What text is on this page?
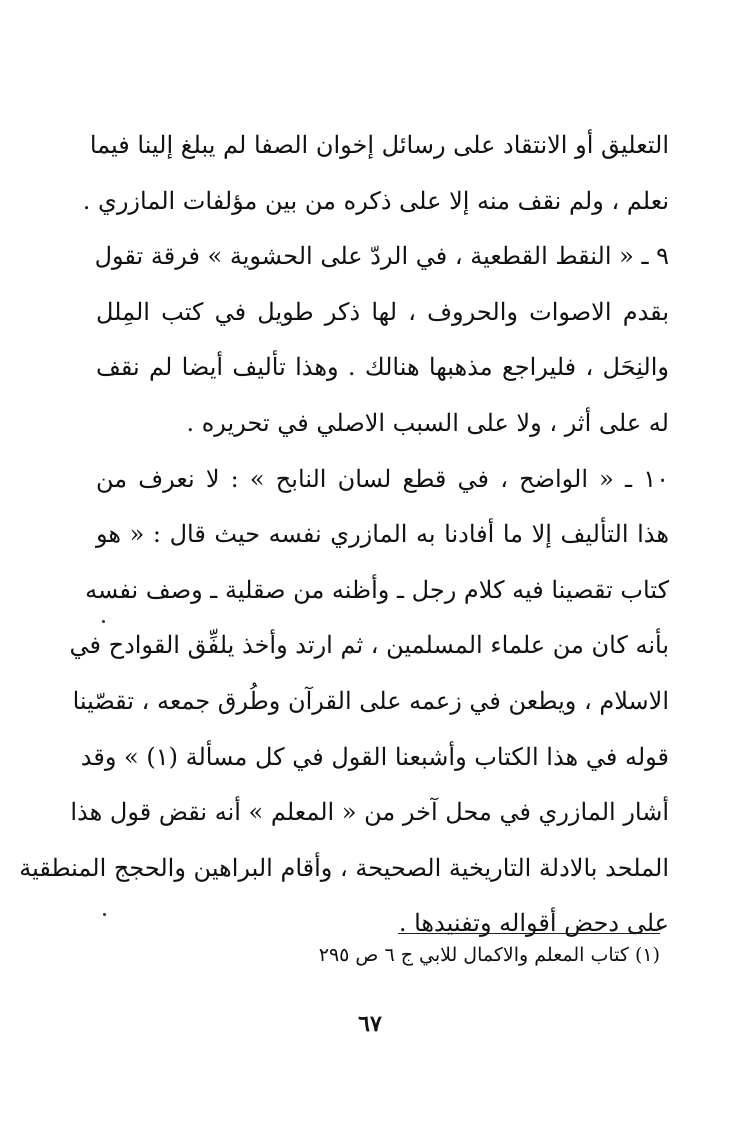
التعليق أو الانتقاد على رسائل إخوان الصفا لم يبلغ إلينا فيما
نعلم ، ولم نقف منه إلا على ذكره من بين مؤلفات المازري .
٩ ـ « النقط القطعية ، في الردّ على الحشوية » فرقة تقول
بقدم الاصوات والحروف ، لها ذكر طويل في كتب المِلل
والنِحَل ، فليراجع مذهبها هنالك . وهذا تأليف أيضا لم نقف
له على أثر ، ولا على السبب الاصلي في تحريره .
١٠ ـ « الواضح ، في قطع لسان النابح » : لا نعرف من
هذا التأليف إلا ما أفادنا به المازري نفسه حيث قال : « هو
كتاب تقصينا فيه كلام رجل ـ وأظنه من صقلية ـ وصف نفسه
بأنه كان من علماء المسلمين ، ثم ارتد وأخذ يلفِّق القوادح في
الاسلام ، ويطعن في زعمه على القرآن وطُرق جمعه ، تقصّينا
قوله في هذا الكتاب وأشبعنا القول في كل مسألة (١) » وقد
أشار المازري في محل آخر من « المعلم » أنه نقض قول هذا
الملحد بالادلة التاريخية الصحيحة ، وأقام البراهين والحجج المنطقية
على دحض أقواله وتفنيدها .
(١) كتاب المعلم والاكمال للابي ج ٦ ص ٢٩٥
٦٧
